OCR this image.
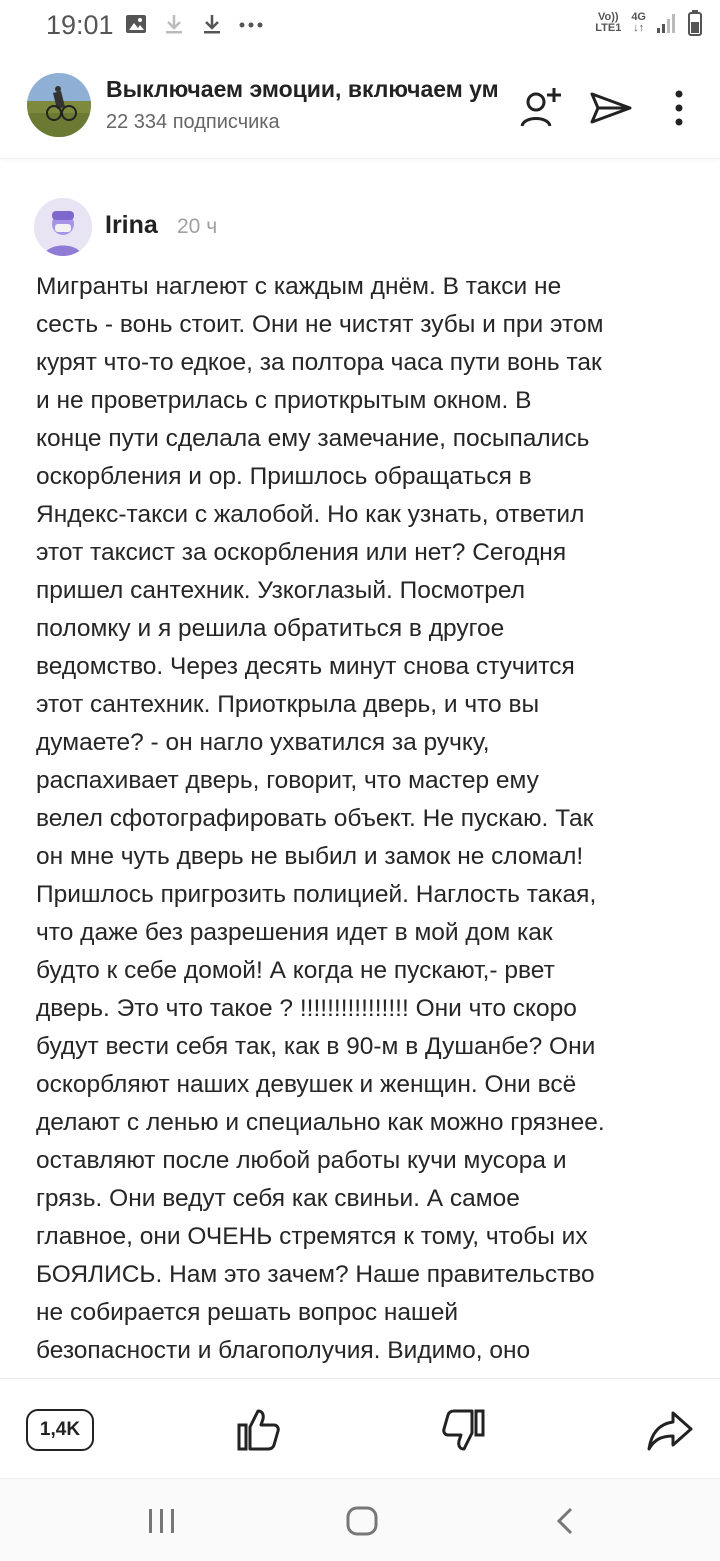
19:01	Vo))
LTE1
4G
↓↑
Выключаем эмоции, включаем ум
22 334 подписчика
Irina 20 ч

Мигранты наглеют с каждым днём. В такси не
сесть - вонь стоит. Они не чистят зубы и при этом
курят что-то едкое, за полтора часа пути вонь так
и не проветрилась с приоткрытым окном. В
конце пути сделала ему замечание, посыпались
оскорбления и ор. Пришлось обращаться в
Яндекс-такси с жалобой. Но как узнать, ответил
этот таксист за оскорбления или нет? Сегодня
пришел сантехник. Узкоглазый. Посмотрел
поломку и я решила обратиться в другое
ведомство. Через десять минут снова стучится
этот сантехник. Приоткрыла дверь, и что вы
думаете? - он нагло ухватился за ручку,
распахивает дверь, говорит, что мастер ему
велел сфотографировать объект. Не пускаю. Так
он мне чуть дверь не выбил и замок не сломал!
Пришлось пригрозить полицией. Наглость такая,
что даже без разрешения идет в мой дом как
будто к себе домой! А когда не пускают,- рвет
дверь. Это что такое ? !!!!!!!!!!!!!!!! Они что скоро
будут вести себя так, как в 90-м в Душанбе? Они
оскорбляют наших девушек и женщин. Они всё
делают с ленью и специально как можно грязнее.
оставляют после любой работы кучи мусора и
грязь. Они ведут себя как свиньи. А самое
главное, они ОЧЕНЬ стремятся к тому, чтобы их
БОЯЛИСЬ. Нам это зачем? Наше правительство
не собирается решать вопрос нашей
безопасности и благополучия. Видимо, оно

1,4K
